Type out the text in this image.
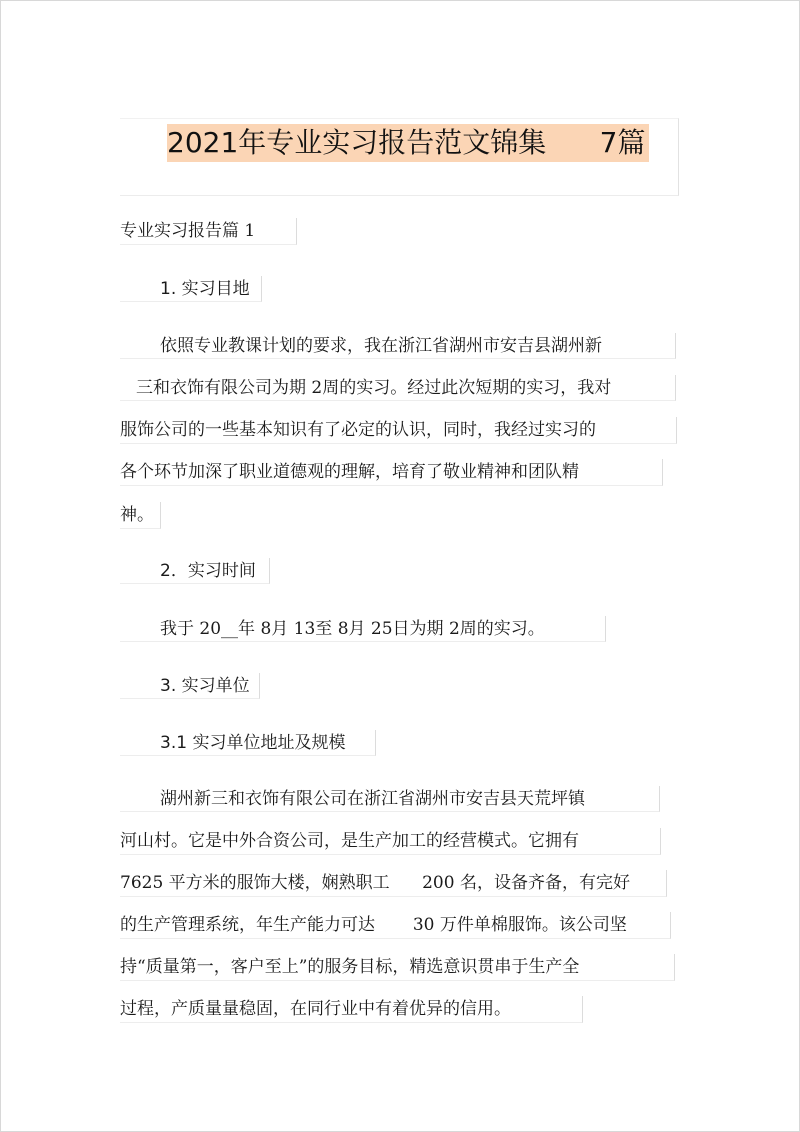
2021年专业实习报告范文锦集      7篇
专业实习报告篇 1
1. 实习目地
依照专业教课计划的要求，我在浙江省湖州市安吉县湖州新
三和衣饰有限公司为期 2周的实习。经过此次短期的实习，我对
服饰公司的一些基本知识有了必定的认识，同时，我经过实习的
各个环节加深了职业道德观的理解，培育了敬业精神和团队精
神。
2．实习时间
我于 20__年 8月 13至 8月 25日为期 2周的实习。
3. 实习单位
3.1 实习单位地址及规模
湖州新三和衣饰有限公司在浙江省湖州市安吉县天荒坪镇
河山村。它是中外合资公司，是生产加工的经营模式。它拥有
7625 平方米的服饰大楼，娴熟职工      200 名，设备齐备，有完好
的生产管理系统，年生产能力可达       30 万件单棉服饰。该公司坚
持“质量第一，客户至上”的服务目标，精选意识贯串于生产全
过程，产质量量稳固，在同行业中有着优异的信用。
